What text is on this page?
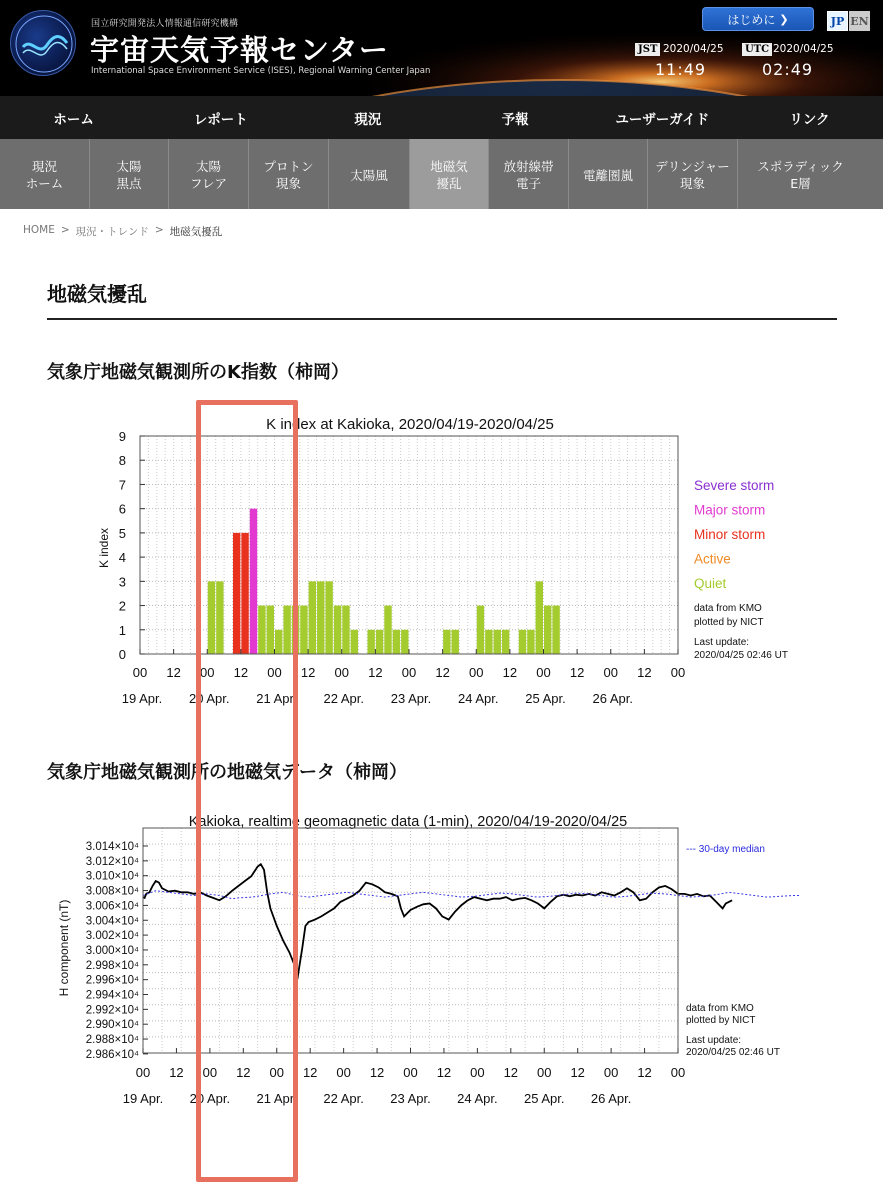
国立研究開発法人情報通信研究機構
宇宙天気予報センター
International Space Environment Service (ISES), Regional Warning Center Japan
はじめに ❯	JP EN
JST 2020/04/25
11:49
UTC 2020/04/25
02:49
ホーム	レポート	現況	予報	ユーザーガイド	リンク
現況
ホーム
太陽
黒点
太陽
フレア
プロトン
現象
太陽風
地磁気
擾乱
放射線帯
電子
電離圏嵐
デリンジャー
現象
スポラディック
E層
HOME > 現況・トレンド > 地磁気擾乱
地磁気擾乱
気象庁地磁気観測所のK指数（柿岡）
K index at Kakioka, 2020/04/19-2020/04/25
K index
0
1
2
3
4
5
6
7
8
9
00 12 00 12 00 12 00 12 00 12 00 12 00 12 00 12 00
19 Apr. 20 Apr. 21 Apr. 22 Apr. 23 Apr. 24 Apr. 25 Apr. 26 Apr.
Severe storm
Major storm
Minor storm
Active
Quiet
data from KMO
plotted by NICT
Last update:
2020/04/25 02:46 UT
気象庁地磁気観測所の地磁気データ（柿岡）
Kakioka, realtime geomagnetic data (1-min), 2020/04/19-2020/04/25
H component (nT)
3.014×10⁴
3.012×10⁴
3.010×10⁴
3.008×10⁴
3.006×10⁴
3.004×10⁴
3.002×10⁴
3.000×10⁴
2.998×10⁴
2.996×10⁴
2.994×10⁴
2.992×10⁴
2.990×10⁴
2.988×10⁴
2.986×10⁴
00 12 00 12 00 12 00 12 00 12 00 12 00 12 00 12 00
19 Apr. 20 Apr. 21 Apr. 22 Apr. 23 Apr. 24 Apr. 25 Apr. 26 Apr.
--- 30-day median
data from KMO
plotted by NICT
Last update:
2020/04/25 02:46 UT
